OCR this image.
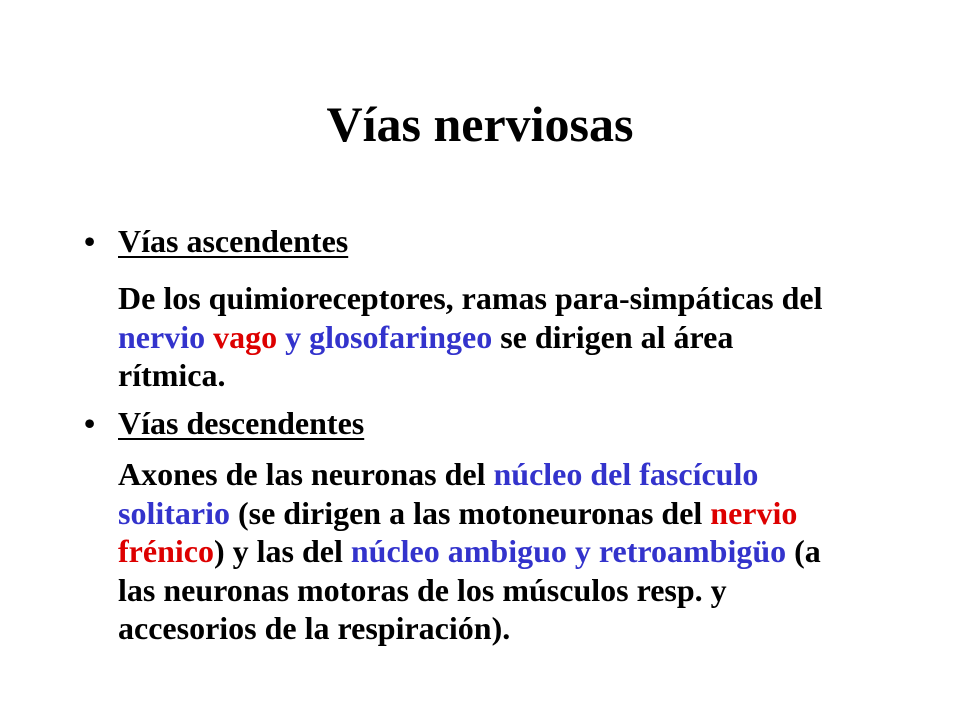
Vías nerviosas
• Vías ascendentes

De los quimioreceptores, ramas para-simpáticas del nervio vago y glosofaringeo se dirigen al área rítmica.

• Vías descendentes

Axones de las neuronas del núcleo del fascículo solitario (se dirigen a las motoneuronas del nervio frénico) y las del núcleo ambiguo y retroambigüo (a las neuronas motoras de los músculos resp. y accesorios de la respiración).
